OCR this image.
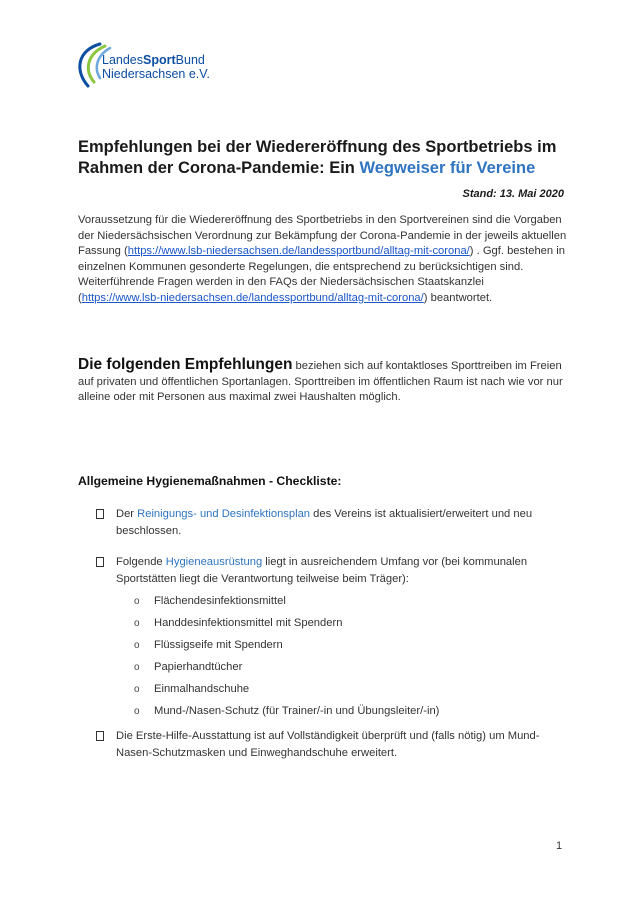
LandesSportBund
Niedersachsen e.V.
Empfehlungen bei der Wiedereröffnung des Sportbetriebs im Rahmen der Corona-Pandemie: Ein Wegweiser für Vereine
Stand: 13. Mai 2020
Voraussetzung für die Wiedereröffnung des Sportbetriebs in den Sportvereinen sind die Vorgaben der Niedersächsischen Verordnung zur Bekämpfung der Corona-Pandemie in der jeweils aktuellen Fassung (https://www.lsb-niedersachsen.de/landessportbund/alltag-mit-corona/) . Ggf. bestehen in einzelnen Kommunen gesonderte Regelungen, die entsprechend zu berücksichtigen sind. Weiterführende Fragen werden in den FAQs der Niedersächsischen Staatskanzlei (https://www.lsb-niedersachsen.de/landessportbund/alltag-mit-corona/) beantwortet.
Die folgenden Empfehlungen beziehen sich auf kontaktloses Sporttreiben im Freien auf privaten und öffentlichen Sportanlagen. Sporttreiben im öffentlichen Raum ist nach wie vor nur alleine oder mit Personen aus maximal zwei Haushalten möglich.
Allgemeine Hygienemaßnahmen - Checkliste:
Der Reinigungs- und Desinfektionsplan des Vereins ist aktualisiert/erweitert und neu beschlossen.
Folgende Hygieneausrüstung liegt in ausreichendem Umfang vor (bei kommunalen Sportstätten liegt die Verantwortung teilweise beim Träger):
o Flächendesinfektionsmittel
o Handdesinfektionsmittel mit Spendern
o Flüssigseife mit Spendern
o Papierhandtücher
o Einmalhandschuhe
o Mund-/Nasen-Schutz (für Trainer/-in und Übungsleiter/-in)
Die Erste-Hilfe-Ausstattung ist auf Vollständigkeit überprüft und (falls nötig) um Mund-Nasen-Schutzmasken und Einweghandschuhe erweitert.
1
